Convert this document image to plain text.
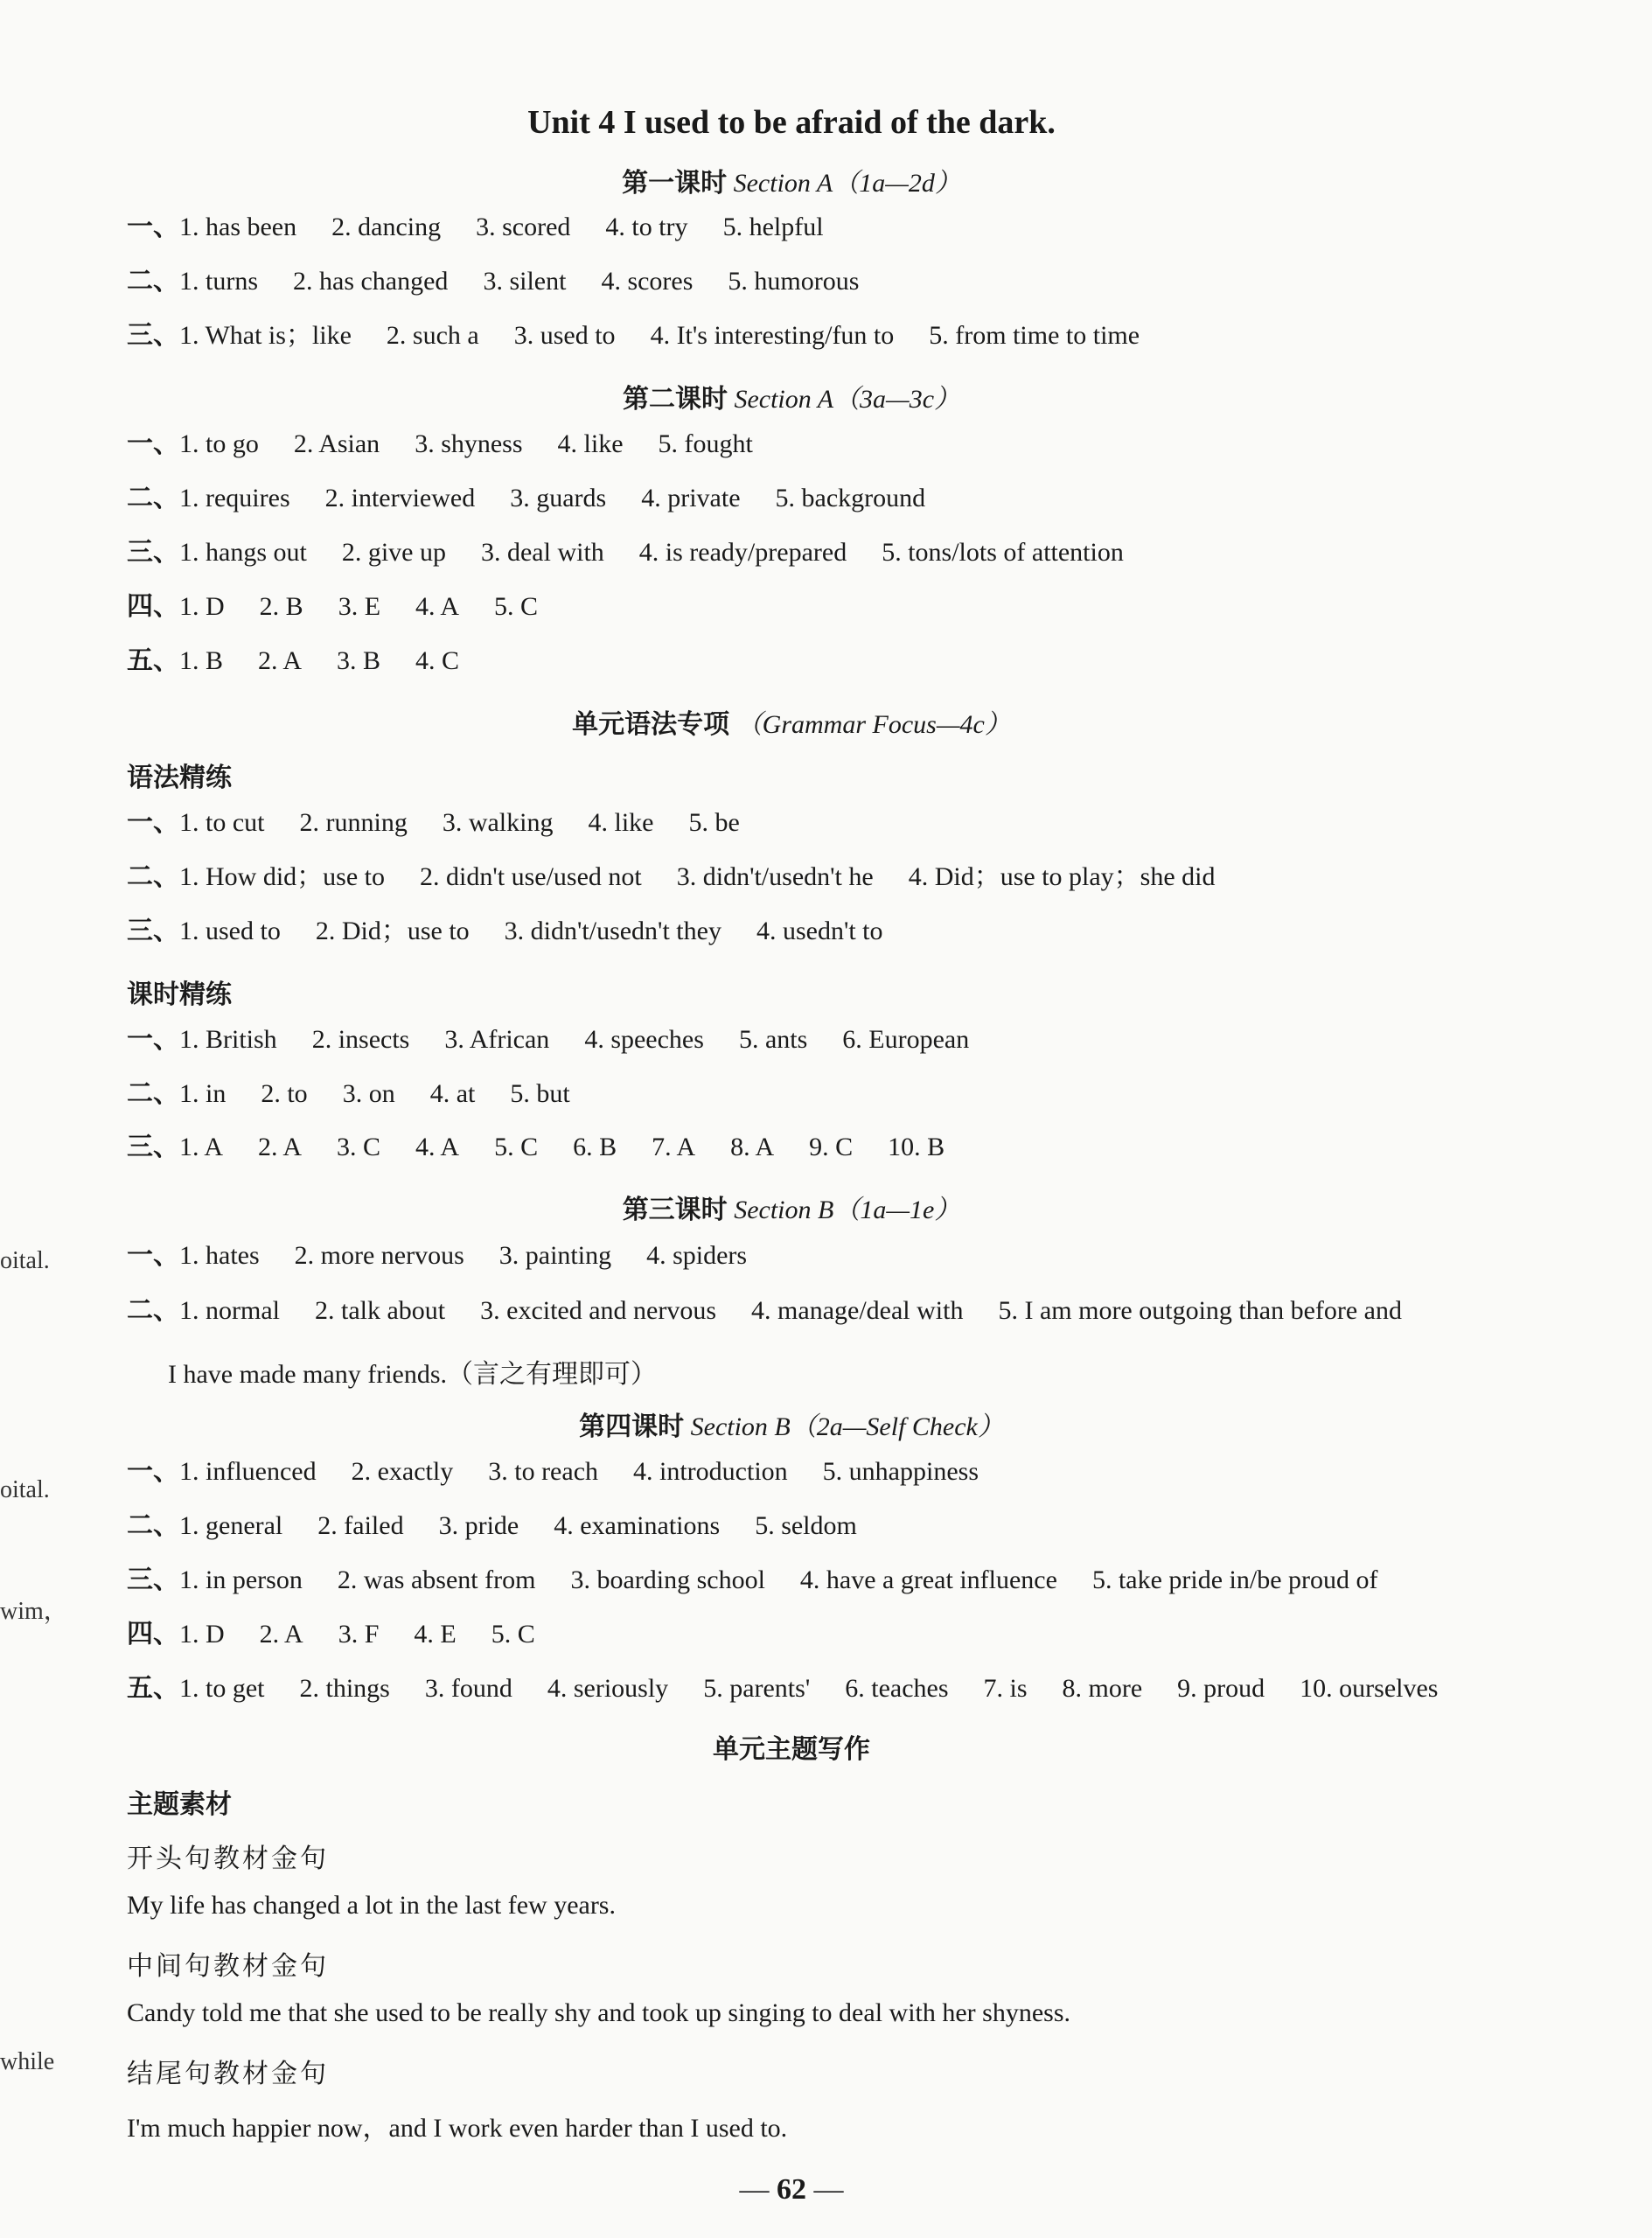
Unit 4 I used to be afraid of the dark.
第一课时 Section A（1a—2d）
一、1. has been 2. dancing 3. scored 4. to try 5. helpful
二、1. turns 2. has changed 3. silent 4. scores 5. humorous
三、1. What is；like 2. such a 3. used to 4. It's interesting/fun to 5. from time to time
第二课时 Section A（3a—3c）
一、1. to go 2. Asian 3. shyness 4. like 5. fought
二、1. requires 2. interviewed 3. guards 4. private 5. background
三、1. hangs out 2. give up 3. deal with 4. is ready/prepared 5. tons/lots of attention
四、1. D 2. B 3. E 4. A 5. C
五、1. B 2. A 3. B 4. C
单元语法专项 （Grammar Focus—4c）
语法精练
一、1. to cut 2. running 3. walking 4. like 5. be
二、1. How did；use to 2. didn't use/used not 3. didn't/usedn't he 4. Did；use to play；she did
三、1. used to 2. Did；use to 3. didn't/usedn't they 4. usedn't to
课时精练
一、1. British 2. insects 3. African 4. speeches 5. ants 6. European
二、1. in 2. to 3. on 4. at 5. but
三、1. A 2. A 3. C 4. A 5. C 6. B 7. A 8. A 9. C 10. B
第三课时 Section B（1a—1e）
一、1. hates 2. more nervous 3. painting 4. spiders
二、1. normal 2. talk about 3. excited and nervous 4. manage/deal with 5. I am more outgoing than before and
I have made many friends.（言之有理即可）
第四课时 Section B（2a—Self Check）
一、1. influenced 2. exactly 3. to reach 4. introduction 5. unhappiness
二、1. general 2. failed 3. pride 4. examinations 5. seldom
三、1. in person 2. was absent from 3. boarding school 4. have a great influence 5. take pride in/be proud of
四、1. D 2. A 3. F 4. E 5. C
五、1. to get 2. things 3. found 4. seriously 5. parents' 6. teaches 7. is 8. more 9. proud 10. ourselves
单元主题写作
主题素材
开头句教材金句
My life has changed a lot in the last few years.
中间句教材金句
Candy told me that she used to be really shy and took up singing to deal with her shyness.
结尾句教材金句
I'm much happier now，and I work even harder than I used to.
oital.
oital.
wim，
while
— 62 —
